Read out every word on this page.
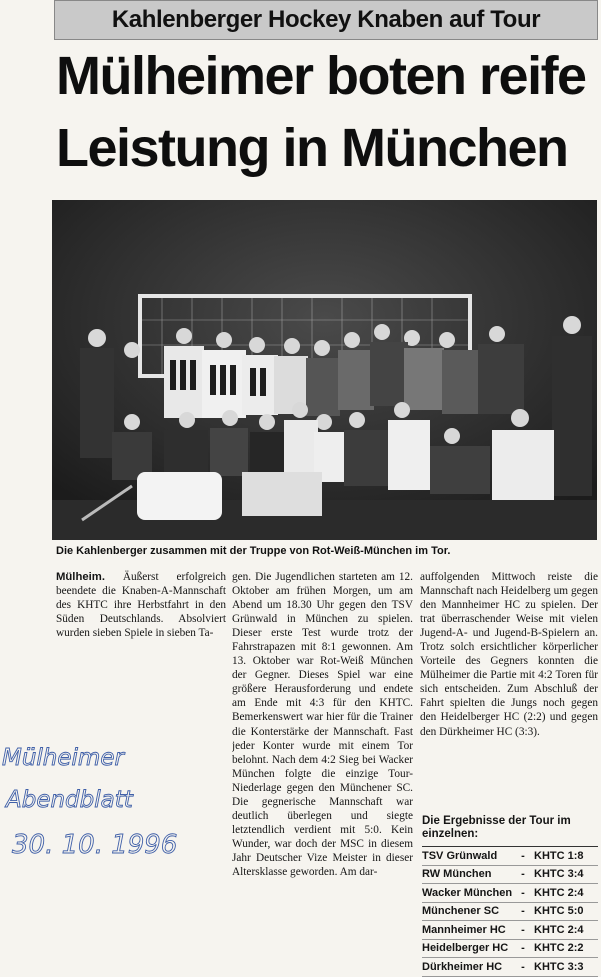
Kahlenberger Hockey Knaben auf Tour
Mülheimer boten reife
Leistung in München
Die Kahlenberger zusammen mit der Truppe von Rot-Weiß-München im Tor.
Mülheim. Äußerst erfolgreich beendete die Knaben-A-Mannschaft des KHTC ihre Herbstfahrt in den Süden Deutschlands. Absolviert wurden sieben Spiele in sieben Ta-
gen. Die Jugendlichen starteten am 12. Oktober am frühen Morgen, um am Abend um 18.30 Uhr gegen den TSV Grünwald in München zu spielen. Dieser erste Test wurde trotz der Fahrstrapazen mit 8:1 gewonnen. Am 13. Oktober war Rot-Weiß München der Gegner. Dieses Spiel war eine größere Herausforderung und endete am Ende mit 4:3 für den KHTC. Bemerkenswert war hier für die Trainer die Konterstärke der Mannschaft. Fast jeder Konter wurde mit einem Tor belohnt. Nach dem 4:2 Sieg bei Wacker München folgte die einzige Tour-Niederlage gegen den Münchener SC. Die gegnerische Mannschaft war deutlich überlegen und siegte letztendlich verdient mit 5:0. Kein Wunder, war doch der MSC in diesem Jahr Deutscher Vize Meister in dieser Altersklasse geworden. Am dar-
auffolgenden Mittwoch reiste die Mannschaft nach Heidelberg um gegen den Mannheimer HC zu spielen. Der trat überraschender Weise mit vielen Jugend-A- und Jugend-B-Spielern an. Trotz solch ersichtlicher körperlicher Vorteile des Gegners konnten die Mülheimer die Partie mit 4:2 Toren für sich entscheiden. Zum Abschluß der Fahrt spielten die Jungs noch gegen den Heidelberger HC (2:2) und gegen den Dürkheimer HC (3:3).
Die Ergebnisse der Tour im einzelnen:
TSV Grünwald	- KHTC 1:8
RW München	- KHTC 3:4
Wacker München - KHTC 2:4
Münchener SC	- KHTC 5:0
Mannheimer HC	- KHTC 2:4
Heidelberger HC	- KHTC 2:2
Dürkheimer HC	- KHTC 3:3
Mülheimer
Abendblatt
30. 10. 1996
